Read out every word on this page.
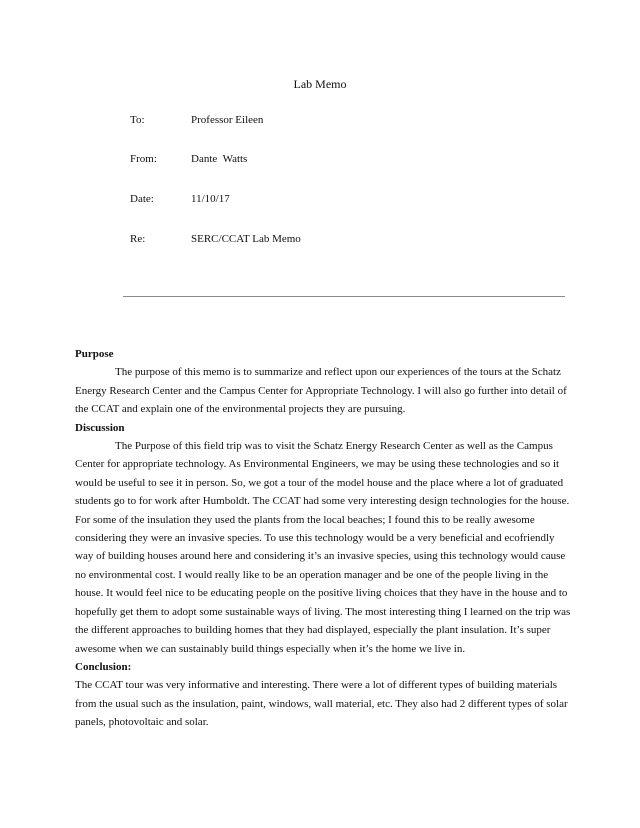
Lab Memo
To:	Professor Eileen
From:	Dante  Watts
Date:	11/10/17
Re:	SERC/CCAT Lab Memo
Purpose

The purpose of this memo is to summarize and reflect upon our experiences of the tours at the Schatz Energy Research Center and the Campus Center for Appropriate Technology. I will also go further into detail of the CCAT and explain one of the environmental projects they are pursuing.

Discussion

The Purpose of this field trip was to visit the Schatz Energy Research Center as well as the Campus Center for appropriate technology. As Environmental Engineers, we may be using these technologies and so it would be useful to see it in person. So, we got a tour of the model house and the place where a lot of graduated students go to for work after Humboldt. The CCAT had some very interesting design technologies for the house. For some of the insulation they used the plants from the local beaches; I found this to be really awesome considering they were an invasive species. To use this technology would be a very beneficial and ecofriendly way of building houses around here and considering it’s an invasive species, using this technology would cause no environmental cost. I would really like to be an operation manager and be one of the people living in the house. It would feel nice to be educating people on the positive living choices that they have in the house and to hopefully get them to adopt some sustainable ways of living. The most interesting thing I learned on the trip was the different approaches to building homes that they had displayed, especially the plant insulation. It’s super awesome when we can sustainably build things especially when it’s the home we live in.

Conclusion:

The CCAT tour was very informative and interesting. There were a lot of different types of building materials from the usual such as the insulation, paint, windows, wall material, etc. They also had 2 different types of solar panels, photovoltaic and solar.
